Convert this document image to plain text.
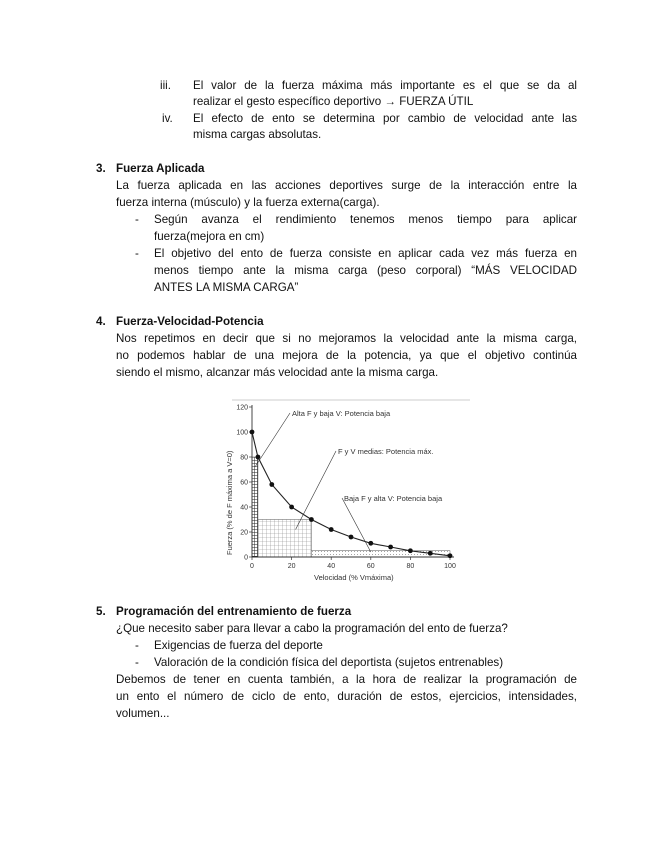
iii. El valor de la fuerza máxima más importante es el que se da al
realizar el gesto específico deportivo → FUERZA ÚTIL
iv. El efecto de ento se determina por cambio de velocidad ante las
misma cargas absolutas.
3. Fuerza Aplicada
La fuerza aplicada en las acciones deportives surge de la interacción entre la
fuerza interna (músculo) y la fuerza externa(carga).
- Según avanza el rendimiento tenemos menos tiempo para aplicar
fuerza(mejora en cm)
- El objetivo del ento de fuerza consiste en aplicar cada vez más fuerza en
menos tiempo ante la misma carga (peso corporal) “MÁS VELOCIDAD
ANTES LA MISMA CARGA”
4. Fuerza-Velocidad-Potencia
Nos repetimos en decir que si no mejoramos la velocidad ante la misma carga,
no podemos hablar de una mejora de la potencia, ya que el objetivo continúa
siendo el mismo, alcanzar más velocidad ante la misma carga.
0
20
40
60
80
100
120
0	20	40	60	80	100
Alta F y baja V: Potencia baja
F y V medias: Potencia máx.
Baja F y alta V: Potencia baja
Velocidad (% Vmáxima)
Fuerza (% de F máxima a V=0)
5. Programación del entrenamiento de fuerza
¿Que necesito saber para llevar a cabo la programación del ento de fuerza?
- Exigencias de fuerza del deporte
- Valoración de la condición física del deportista (sujetos entrenables)
Debemos de tener en cuenta también, a la hora de realizar la programación de
un ento el número de ciclo de ento, duración de estos, ejercicios, intensidades,
volumen...
